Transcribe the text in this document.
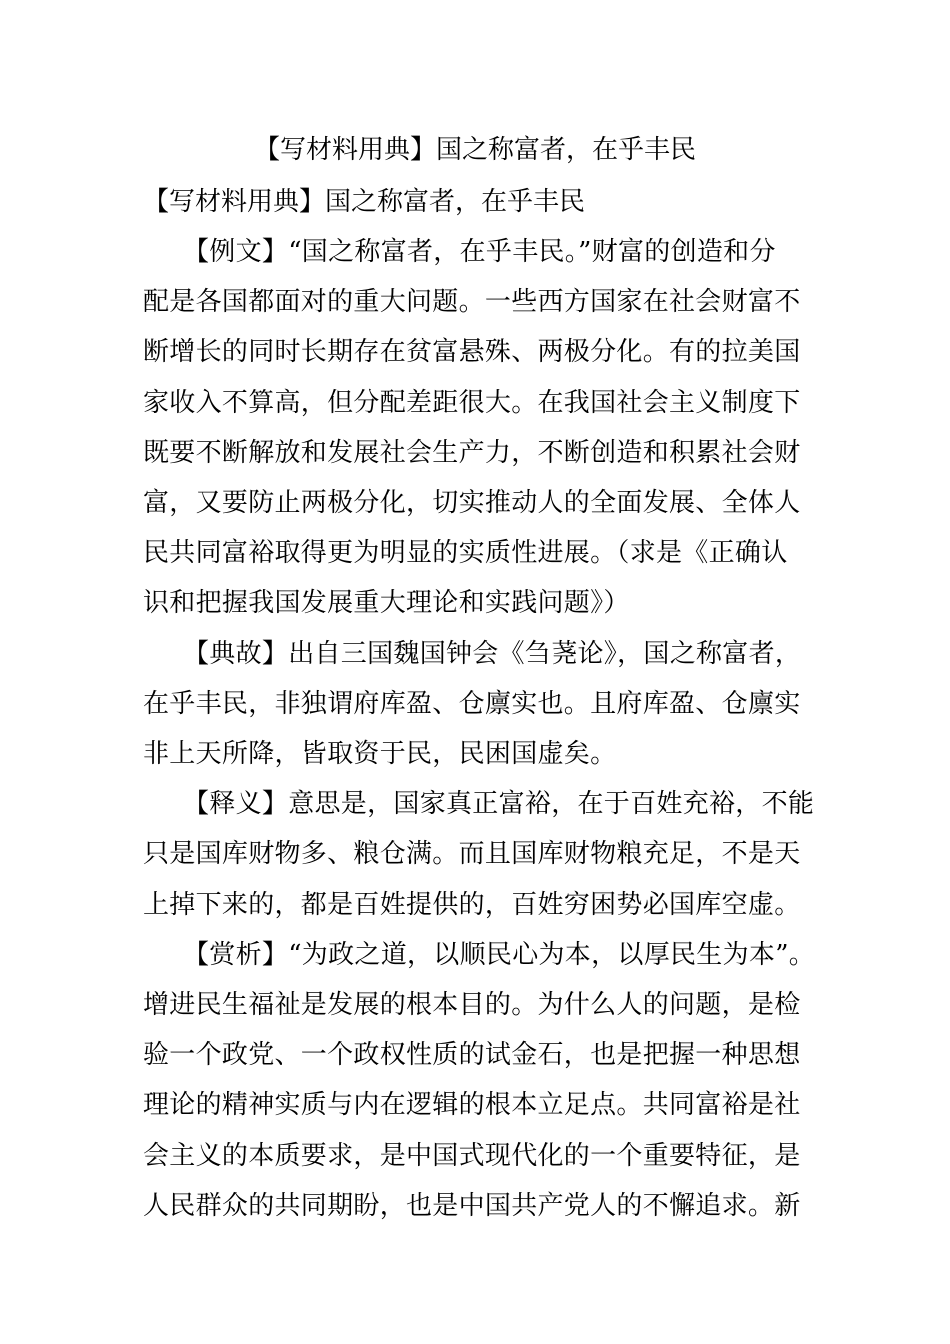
【写材料用典】国之称富者，在乎丰民
【写材料用典】国之称富者，在乎丰民
【例文】“国之称富者，在乎丰民。”财富的创造和分
配是各国都面对的重大问题。一些西方国家在社会财富不
断增长的同时长期存在贫富悬殊、两极分化。有的拉美国
家收入不算高，但分配差距很大。在我国社会主义制度下
既要不断解放和发展社会生产力，不断创造和积累社会财
富，又要防止两极分化，切实推动人的全面发展、全体人
民共同富裕取得更为明显的实质性进展。（求是《正确认
识和把握我国发展重大理论和实践问题》）
【典故】出自三国魏国钟会《刍荛论》，国之称富者，
在乎丰民，非独谓府库盈、仓廪实也。且府库盈、仓廪实
非上天所降，皆取资于民，民困国虚矣。
【释义】意思是，国家真正富裕，在于百姓充裕，不能
只是国库财物多、粮仓满。而且国库财物粮充足，不是天
上掉下来的，都是百姓提供的，百姓穷困势必国库空虚。
【赏析】“为政之道，以顺民心为本，以厚民生为本”。
增进民生福祉是发展的根本目的。为什么人的问题，是检
验一个政党、一个政权性质的试金石，也是把握一种思想
理论的精神实质与内在逻辑的根本立足点。共同富裕是社
会主义的本质要求，是中国式现代化的一个重要特征，是
人民群众的共同期盼，也是中国共产党人的不懈追求。新
